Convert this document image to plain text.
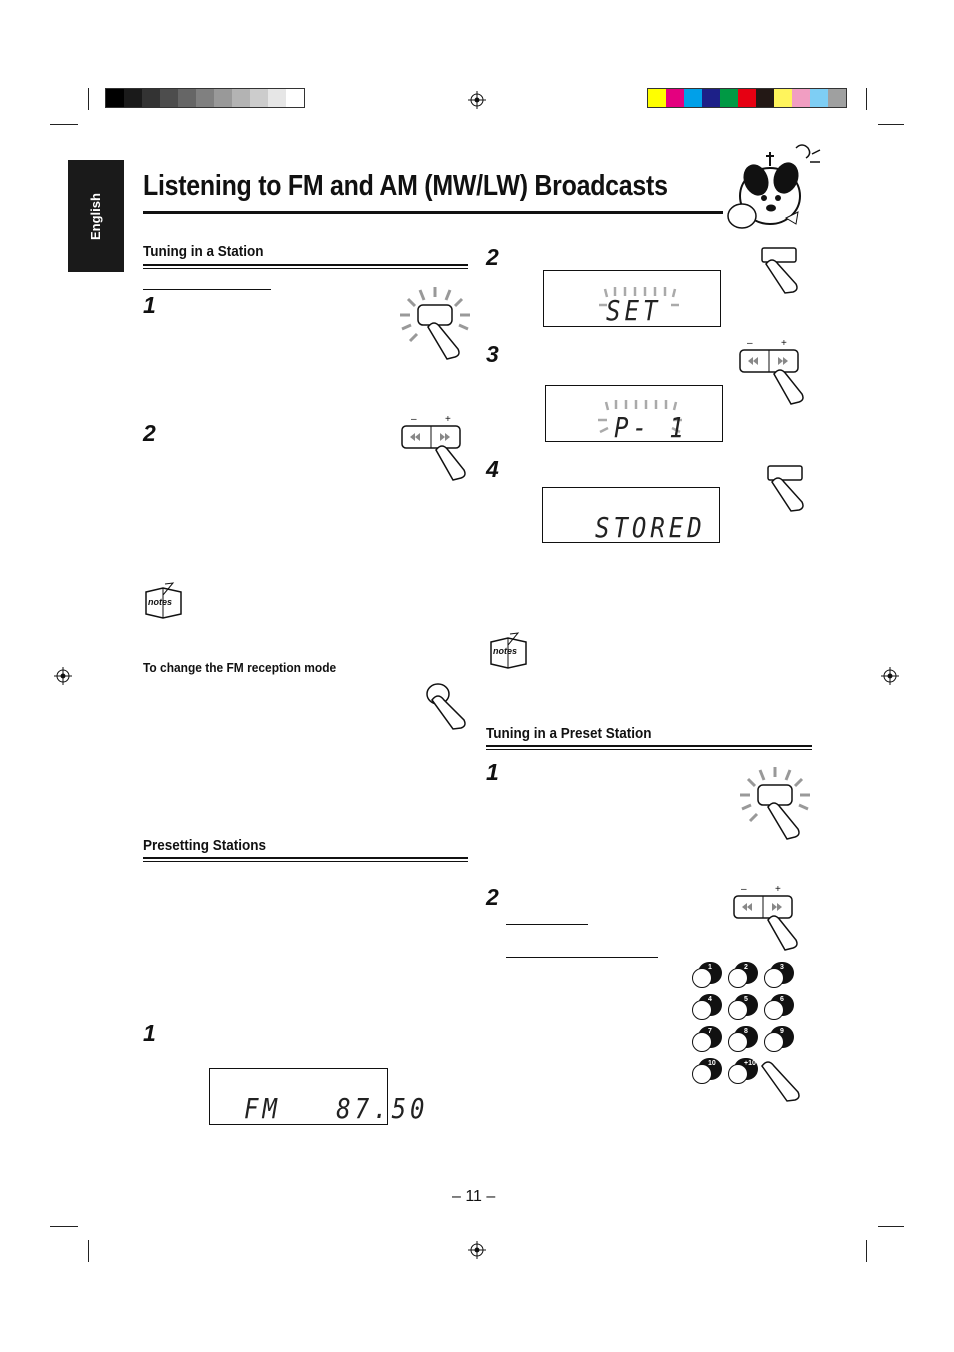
English
Listening to FM and AM (MW/LW) Broadcasts
Tuning in a Station
1
2
–	+
notes
To change the FM reception mode
Presetting Stations
1
FM   87.50
2
SET
3	–	+
P- 1
4
STORED
notes
Tuning in a Preset Station
1
2	–	+
1	2	3
4	5	6
7	8	9
10	+10
– 11 –
